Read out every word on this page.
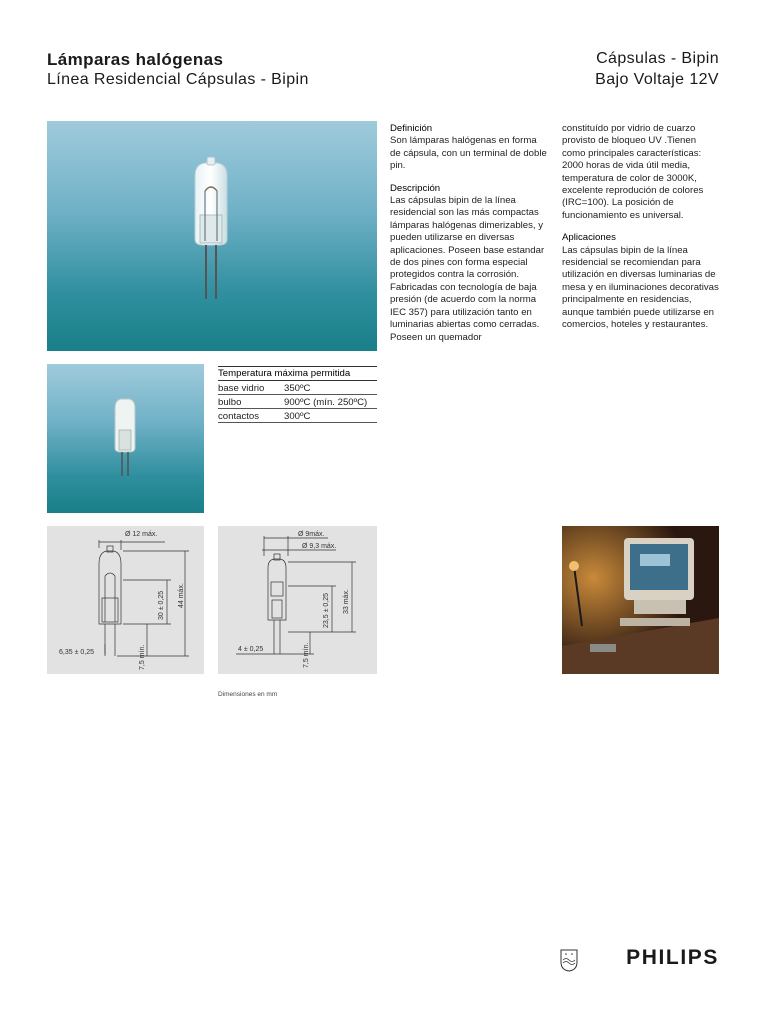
Lámparas halógenas
Línea Residencial Cápsulas - Bipin
Cápsulas - Bipin
Bajo Voltaje 12V
Definición

Son lámparas halógenas en forma de cápsula, con un terminal de doble pin.

Descripción

Las cápsulas bipin de la línea residencial son las más compactas lámparas halógenas dimerizables, y pueden utilizarse en diversas aplicaciones. Poseen base estandar de dos pines con forma especial protegidos contra la corrosión. Fabricadas con tecnología de baja presión (de acuerdo com la norma IEC 357) para utilización tanto en luminarias abiertas como cerradas. Poseen un quemador

constituído por vidrio de cuarzo provisto de bloqueo UV .Tienen como principales características: 2000 horas de vida útil media, temperatura de color de 3000K, excelente reprodución de colores (IRC=100). La posición de funcionamiento es universal.

Aplicaciones

Las cápsulas bipin de la línea residencial se recomiendan para utilización en diversas luminarias de mesa y en iluminaciones decorativas principalmente en residencias, aunque también puede utilizarse en comercios, hoteles y restaurantes.

Temperatura máxima permitida	
base vidrio	350ºC
bulbo	900ºC (mín. 250ºC)
contactos	300ºC
Ø 12 máx.
6,35 ± 0,25
44 máx.
30 ± 0,25
7,5 mín.
Ø 9máx.
Ø 9,3 máx.
4 ± 0,25
33 máx.
23,5 ± 0,25
7,5 mín.
Dimensiones en mm
PHILIPS
